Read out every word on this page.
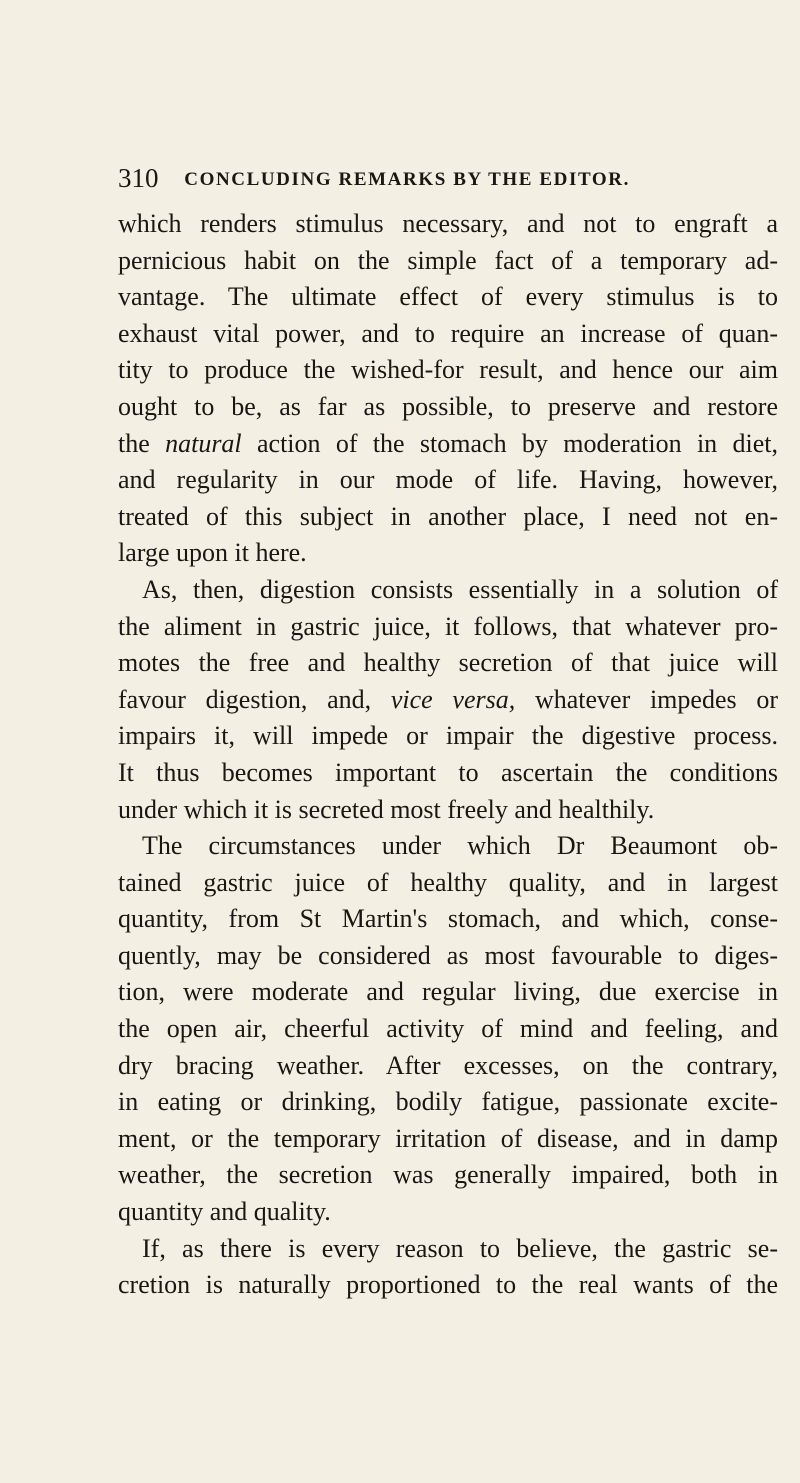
310 CONCLUDING REMARKS BY THE EDITOR.
which renders stimulus necessary, and not to engraft a
pernicious habit on the simple fact of a temporary ad-
vantage. The ultimate effect of every stimulus is to
exhaust vital power, and to require an increase of quan-
tity to produce the wished-for result, and hence our aim
ought to be, as far as possible, to preserve and restore
the natural action of the stomach by moderation in diet,
and regularity in our mode of life. Having, however,
treated of this subject in another place, I need not en-
large upon it here.
As, then, digestion consists essentially in a solution of
the aliment in gastric juice, it follows, that whatever pro-
motes the free and healthy secretion of that juice will
favour digestion, and, vice versa, whatever impedes or
impairs it, will impede or impair the digestive process.
It thus becomes important to ascertain the conditions
under which it is secreted most freely and healthily.
The circumstances under which Dr Beaumont ob-
tained gastric juice of healthy quality, and in largest
quantity, from St Martin's stomach, and which, conse-
quently, may be considered as most favourable to diges-
tion, were moderate and regular living, due exercise in
the open air, cheerful activity of mind and feeling, and
dry bracing weather. After excesses, on the contrary,
in eating or drinking, bodily fatigue, passionate excite-
ment, or the temporary irritation of disease, and in damp
weather, the secretion was generally impaired, both in
quantity and quality.
If, as there is every reason to believe, the gastric se-
cretion is naturally proportioned to the real wants of the
